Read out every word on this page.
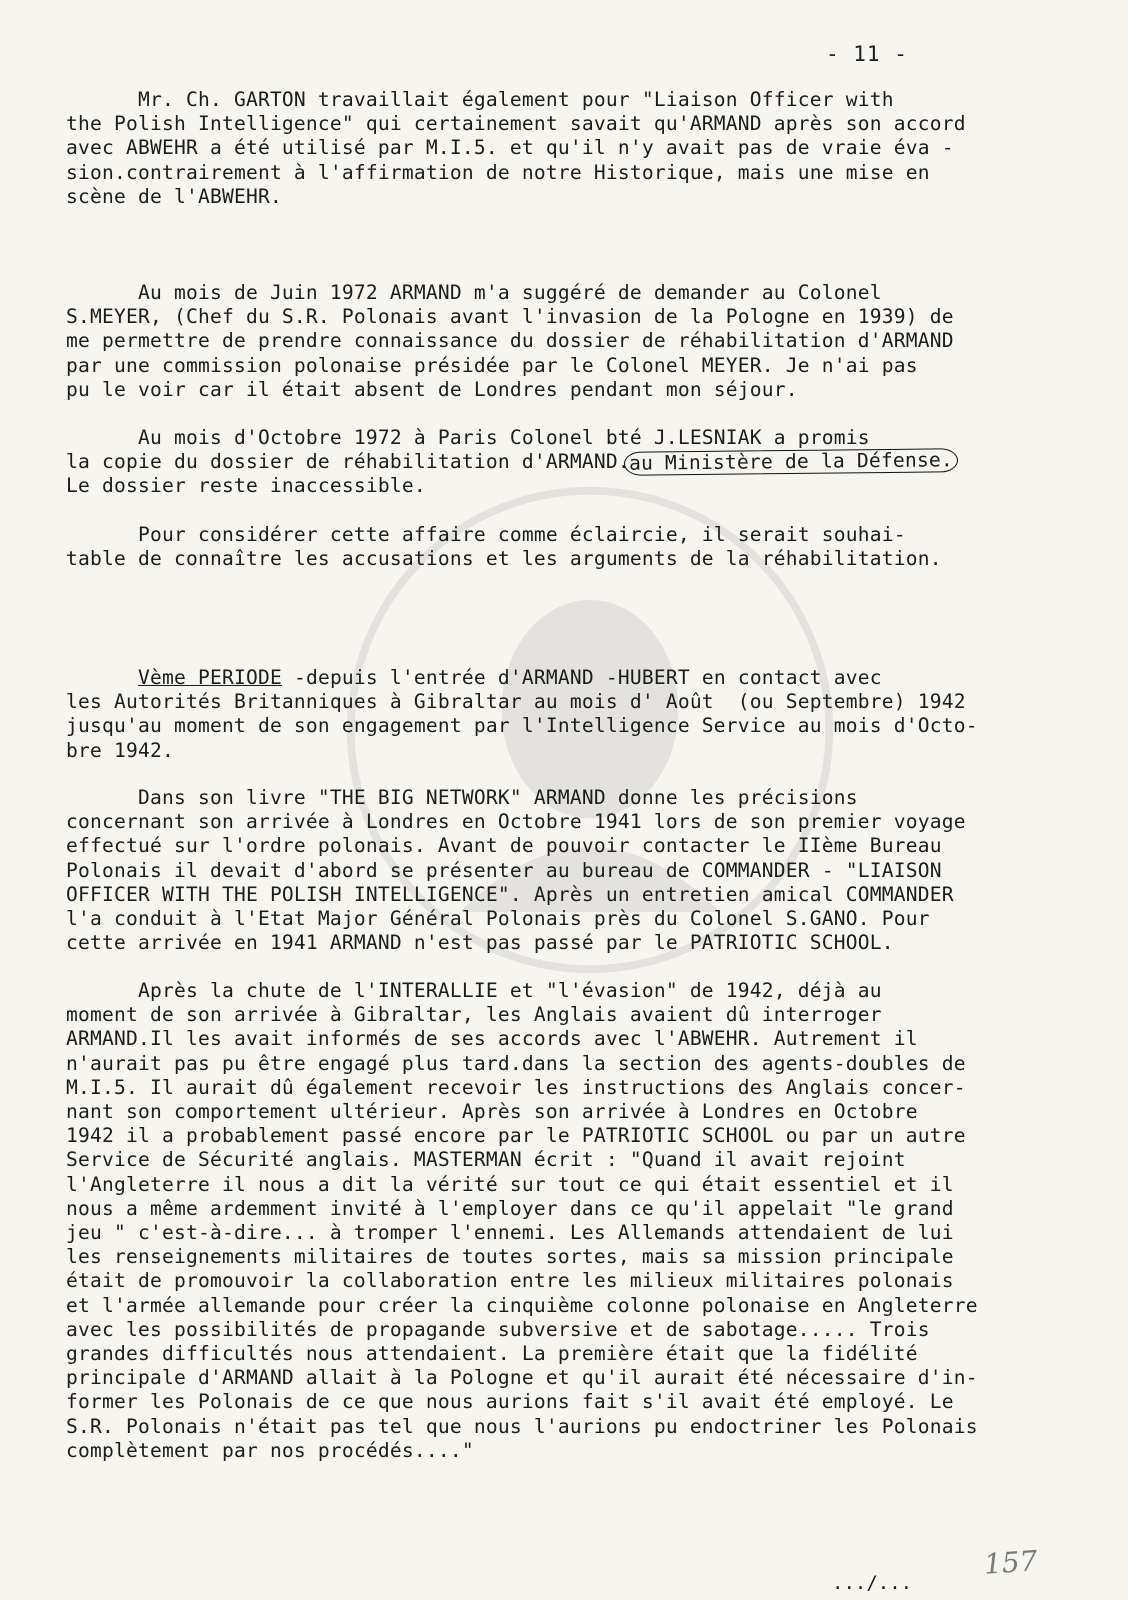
- 11 -
Mr. Ch. GARTON travaillait également pour "Liaison Officer with
the Polish Intelligence" qui certainement savait qu'ARMAND après son accord
avec ABWEHR a été utilisé par M.I.5. et qu'il n'y avait pas de vraie éva -
sion.contrairement à l'affirmation de notre Historique, mais une mise en
scène de l'ABWEHR.
Au mois de Juin 1972 ARMAND m'a suggéré de demander au Colonel
S.MEYER, (Chef du S.R. Polonais avant l'invasion de la Pologne en 1939) de
me permettre de prendre connaissance du dossier de réhabilitation d'ARMAND
par une commission polonaise présidée par le Colonel MEYER. Je n'ai pas
pu le voir car il était absent de Londres pendant mon séjour.
Au mois d'Octobre 1972 à Paris Colonel bté J.LESNIAK a promis
la copie du dossier de réhabilitation d'ARMAND.au Ministère de la Défense.
Le dossier reste inaccessible.
Pour considérer cette affaire comme éclaircie, il serait souhai-
table de connaître les accusations et les arguments de la réhabilitation.
Vème PERIODE -depuis l'entrée d'ARMAND -HUBERT en contact avec
les Autorités Britanniques à Gibraltar au mois d' Août  (ou Septembre) 1942
jusqu'au moment de son engagement par l'Intelligence Service au mois d'Octo-
bre 1942.
Dans son livre "THE BIG NETWORK" ARMAND donne les précisions
concernant son arrivée à Londres en Octobre 1941 lors de son premier voyage
effectué sur l'ordre polonais. Avant de pouvoir contacter le IIème Bureau
Polonais il devait d'abord se présenter au bureau de COMMANDER - "LIAISON
OFFICER WITH THE POLISH INTELLIGENCE". Après un entretien amical COMMANDER
l'a conduit à l'Etat Major Général Polonais près du Colonel S.GANO. Pour
cette arrivée en 1941 ARMAND n'est pas passé par le PATRIOTIC SCHOOL.
Après la chute de l'INTERALLIE et "l'évasion" de 1942, déjà au
moment de son arrivée à Gibraltar, les Anglais avaient dû interroger
ARMAND.Il les avait informés de ses accords avec l'ABWEHR. Autrement il
n'aurait pas pu être engagé plus tard.dans la section des agents-doubles de
M.I.5. Il aurait dû également recevoir les instructions des Anglais concer-
nant son comportement ultérieur. Après son arrivée à Londres en Octobre
1942 il a probablement passé encore par le PATRIOTIC SCHOOL ou par un autre
Service de Sécurité anglais. MASTERMAN écrit : "Quand il avait rejoint
l'Angleterre il nous a dit la vérité sur tout ce qui était essentiel et il
nous a même ardemment invité à l'employer dans ce qu'il appelait "le grand
jeu " c'est-à-dire... à tromper l'ennemi. Les Allemands attendaient de lui
les renseignements militaires de toutes sortes, mais sa mission principale
était de promouvoir la collaboration entre les milieux militaires polonais
et l'armée allemande pour créer la cinquième colonne polonaise en Angleterre
avec les possibilités de propagande subversive et de sabotage..... Trois
grandes difficultés nous attendaient. La première était que la fidélité
principale d'ARMAND allait à la Pologne et qu'il aurait été nécessaire d'in-
former les Polonais de ce que nous aurions fait s'il avait été employé. Le
S.R. Polonais n'était pas tel que nous l'aurions pu endoctriner les Polonais
complètement par nos procédés...."
157
.../...
